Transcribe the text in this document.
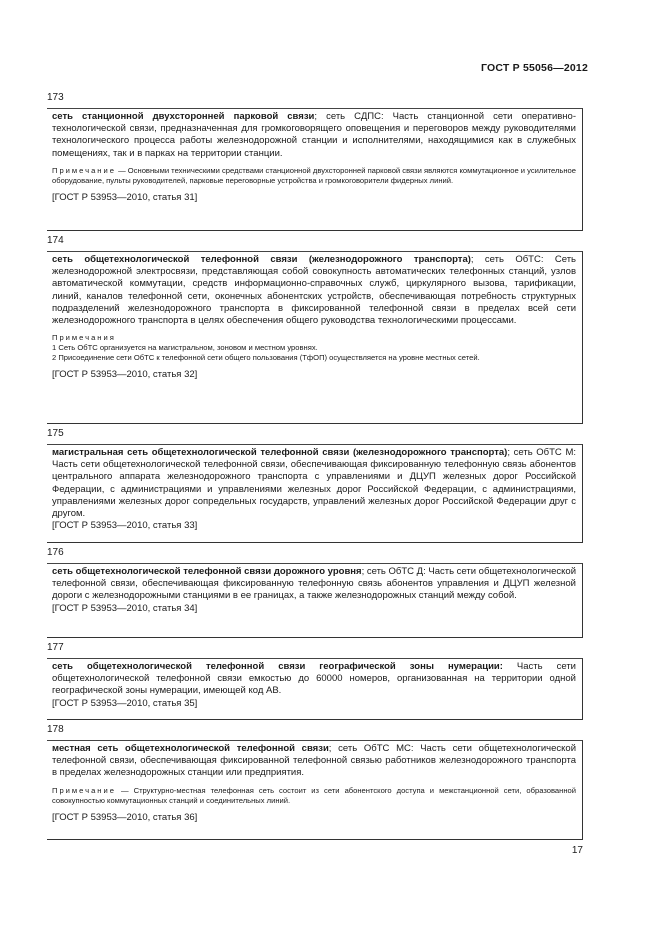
ГОСТ Р 55056—2012
173

сеть станционной двухсторонней парковой связи; сеть СДПС: Часть станционной сети оперативно-технологической связи, предназначенная для громкоговорящего оповещения и переговоров между руководителями технологического процесса работы железнодорожной станции и исполнителями, находящимися как в служебных помещениях, так и в парках на территории станции.

Примечание — Основными техническими средствами станционной двухсторонней парковой связи являются коммутационное и усилительное оборудование, пульты руководителей, парковые переговорные устройства и громкоговорители фидерных линий.

[ГОСТ Р 53953—2010, статья 31]

174

сеть общетехнологической телефонной связи (железнодорожного транспорта); сеть ОбТС: Сеть железнодорожной электросвязи, представляющая собой совокупность автоматических телефонных станций, узлов автоматической коммутации, средств информационно-справочных служб, циркулярного вызова, тарификации, линий, каналов телефонной сети, оконечных абонентских устройств, обеспечивающая потребность структурных подразделений железнодорожного транспорта в фиксированной телефонной связи в пределах всей сети железнодорожного транспорта в целях обеспечения общего руководства технологическими процессами.

Примечания

1 Сеть ОбТС организуется на магистральном, зоновом и местном уровнях.

2 Присоединение сети ОбТС к телефонной сети общего пользования (ТфОП) осуществляется на уровне местных сетей.

[ГОСТ Р 53953—2010, статья 32]

175

магистральная сеть общетехнологической телефонной связи (железнодорожного транспорта); сеть ОбТС М: Часть сети общетехнологической телефонной связи, обеспечивающая фиксированную телефонную связь абонентов центрального аппарата железнодорожного транспорта с управлениями и ДЦУП железных дорог Российской Федерации, с администрациями и управлениями железных дорог Российской Федерации, с администрациями, управлениями железных дорог сопредельных государств, управлений железных дорог Российской Федерации друг с другом.

[ГОСТ Р 53953—2010, статья 33]

176

сеть общетехнологической телефонной связи дорожного уровня; сеть ОбТС Д: Часть сети общетехнологической телефонной связи, обеспечивающая фиксированную телефонную связь абонентов управления и ДЦУП железной дороги с железнодорожными станциями в ее границах, а также железнодорожных станций между собой.

[ГОСТ Р 53953—2010, статья 34]

177

сеть общетехнологической телефонной связи географической зоны нумерации: Часть сети общетехнологической телефонной связи емкостью до 60000 номеров, организованная на территории одной географической зоны нумерации, имеющей код АВ.

[ГОСТ Р 53953—2010, статья 35]

178

местная сеть общетехнологической телефонной связи; сеть ОбТС МС: Часть сети общетехнологической телефонной связи, обеспечивающая фиксированной телефонной связью работников железнодорожного транспорта в пределах железнодорожных станции или предприятия.

Примечание — Структурно-местная телефонная сеть состоит из сети абонентского доступа и межстанционной сети, образованной совокупностью коммутационных станций и соединительных линий.

[ГОСТ Р 53953—2010, статья 36]

17
